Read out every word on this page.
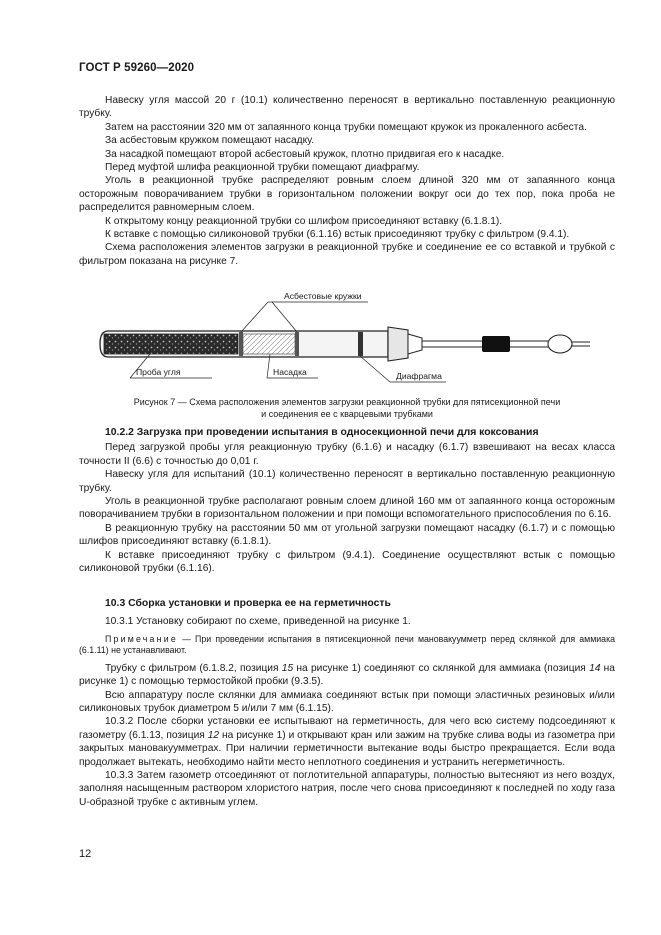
ГОСТ Р 59260—2020

Навеску угля массой 20 г (10.1) количественно переносят в вертикально поставленную реакционную трубку.

Затем на расстоянии 320 мм от запаянного конца трубки помещают кружок из прокаленного асбеста.

За асбестовым кружком помещают насадку.

За насадкой помещают второй асбестовый кружок, плотно придвигая его к насадке.

Перед муфтой шлифа реакционной трубки помещают диафрагму.

Уголь в реакционной трубке распределяют ровным слоем длиной 320 мм от запаянного конца осторожным поворачиванием трубки в горизонтальном положении вокруг оси до тех пор, пока проба не распределится равномерным слоем.

К открытому концу реакционной трубки со шлифом присоединяют вставку (6.1.8.1).

К вставке с помощью силиконовой трубки (6.1.16) встык присоединяют трубку с фильтром (9.4.1).

Схема расположения элементов загрузки в реакционной трубке и соединение ее со вставкой и трубкой с фильтром показана на рисунке 7.

Асбестовые кружки
Проба угля	Насадка	Диафрагма
Рисунок 7 — Схема расположения элементов загрузки реакционной трубки для пятисекционной печи
и соединения ее с кварцевыми трубками
10.2.2 Загрузка при проведении испытания в односекционной печи для коксования

Перед загрузкой пробы угля реакционную трубку (6.1.6) и насадку (6.1.7) взвешивают на весах класса точности II (6.6) с точностью до 0,01 г.

Навеску угля для испытаний (10.1) количественно переносят в вертикально поставленную реакционную трубку.

Уголь в реакционной трубке располагают ровным слоем длиной 160 мм от запаянного конца осторожным поворачиванием трубки в горизонтальном положении и при помощи вспомогательного приспособления по 6.16.

В реакционную трубку на расстоянии 50 мм от угольной загрузки помещают насадку (6.1.7) и с помощью шлифов присоединяют вставку (6.1.8.1).

К вставке присоединяют трубку с фильтром (9.4.1). Соединение осуществляют встык с помощью силиконовой трубки (6.1.16).

10.3 Сборка установки и проверка ее на герметичность

10.3.1 Установку собирают по схеме, приведенной на рисунке 1.

Примечание — При проведении испытания в пятисекционной печи мановакуумметр перед склянкой для аммиака (6.1.11) не устанавливают.

Трубку с фильтром (6.1.8.2, позиция 15 на рисунке 1) соединяют со склянкой для аммиака (позиция 14 на рисунке 1) с помощью термостойкой пробки (9.3.5).

Всю аппаратуру после склянки для аммиака соединяют встык при помощи эластичных резиновых и/или силиконовых трубок диаметром 5 и/или 7 мм (6.1.15).

10.3.2 После сборки установки ее испытывают на герметичность, для чего всю систему подсоединяют к газометру (6.1.13, позиция 12 на рисунке 1) и открывают кран или зажим на трубке слива воды из газометра при закрытых мановакуумметрах. При наличии герметичности вытекание воды быстро прекращается. Если вода продолжает вытекать, необходимо найти место неплотного соединения и устранить негерметичность.

10.3.3 Затем газометр отсоединяют от поглотительной аппаратуры, полностью вытесняют из него воздух, заполняя насыщенным раствором хлористого натрия, после чего снова присоединяют к последней по ходу газа U-образной трубке с активным углем.

12
